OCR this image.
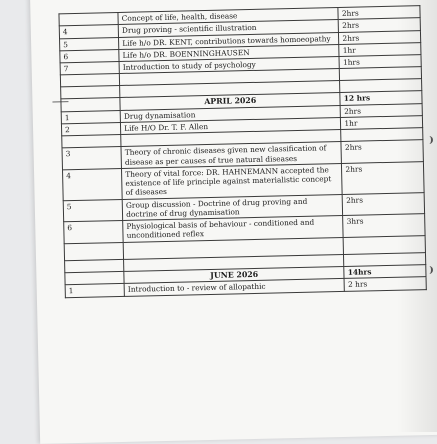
	Concept of life, health, disease	2hrs
4	Drug proving - scientific illustration	2hrs
5	Life h/o DR. KENT, contributions towards homoeopathy	2hrs
6	Life h/o DR. BOENNINGHAUSEN	1hr
7	Introduction to study of psychology	1hrs

	APRIL 2026	12 hrs
1	Drug dynamisation	2hrs
2	Life H/O Dr. T. F. Allen	1hr

3	Theory of chronic diseases given new classification of disease as per causes of true natural diseases	2hrs
4	Theory of vital force: DR. HAHNEMANN accepted the existence of life principle against materialistic concept of diseases	2hrs
5	Group discussion - Doctrine of drug proving and doctrine of drug dynamisation	2hrs
6	Physiological basis of behaviour - conditioned and unconditioned reflex	3hrs

	JUNE 2026	14hrs
1	Introduction to - review of allopathic	2 hrs
